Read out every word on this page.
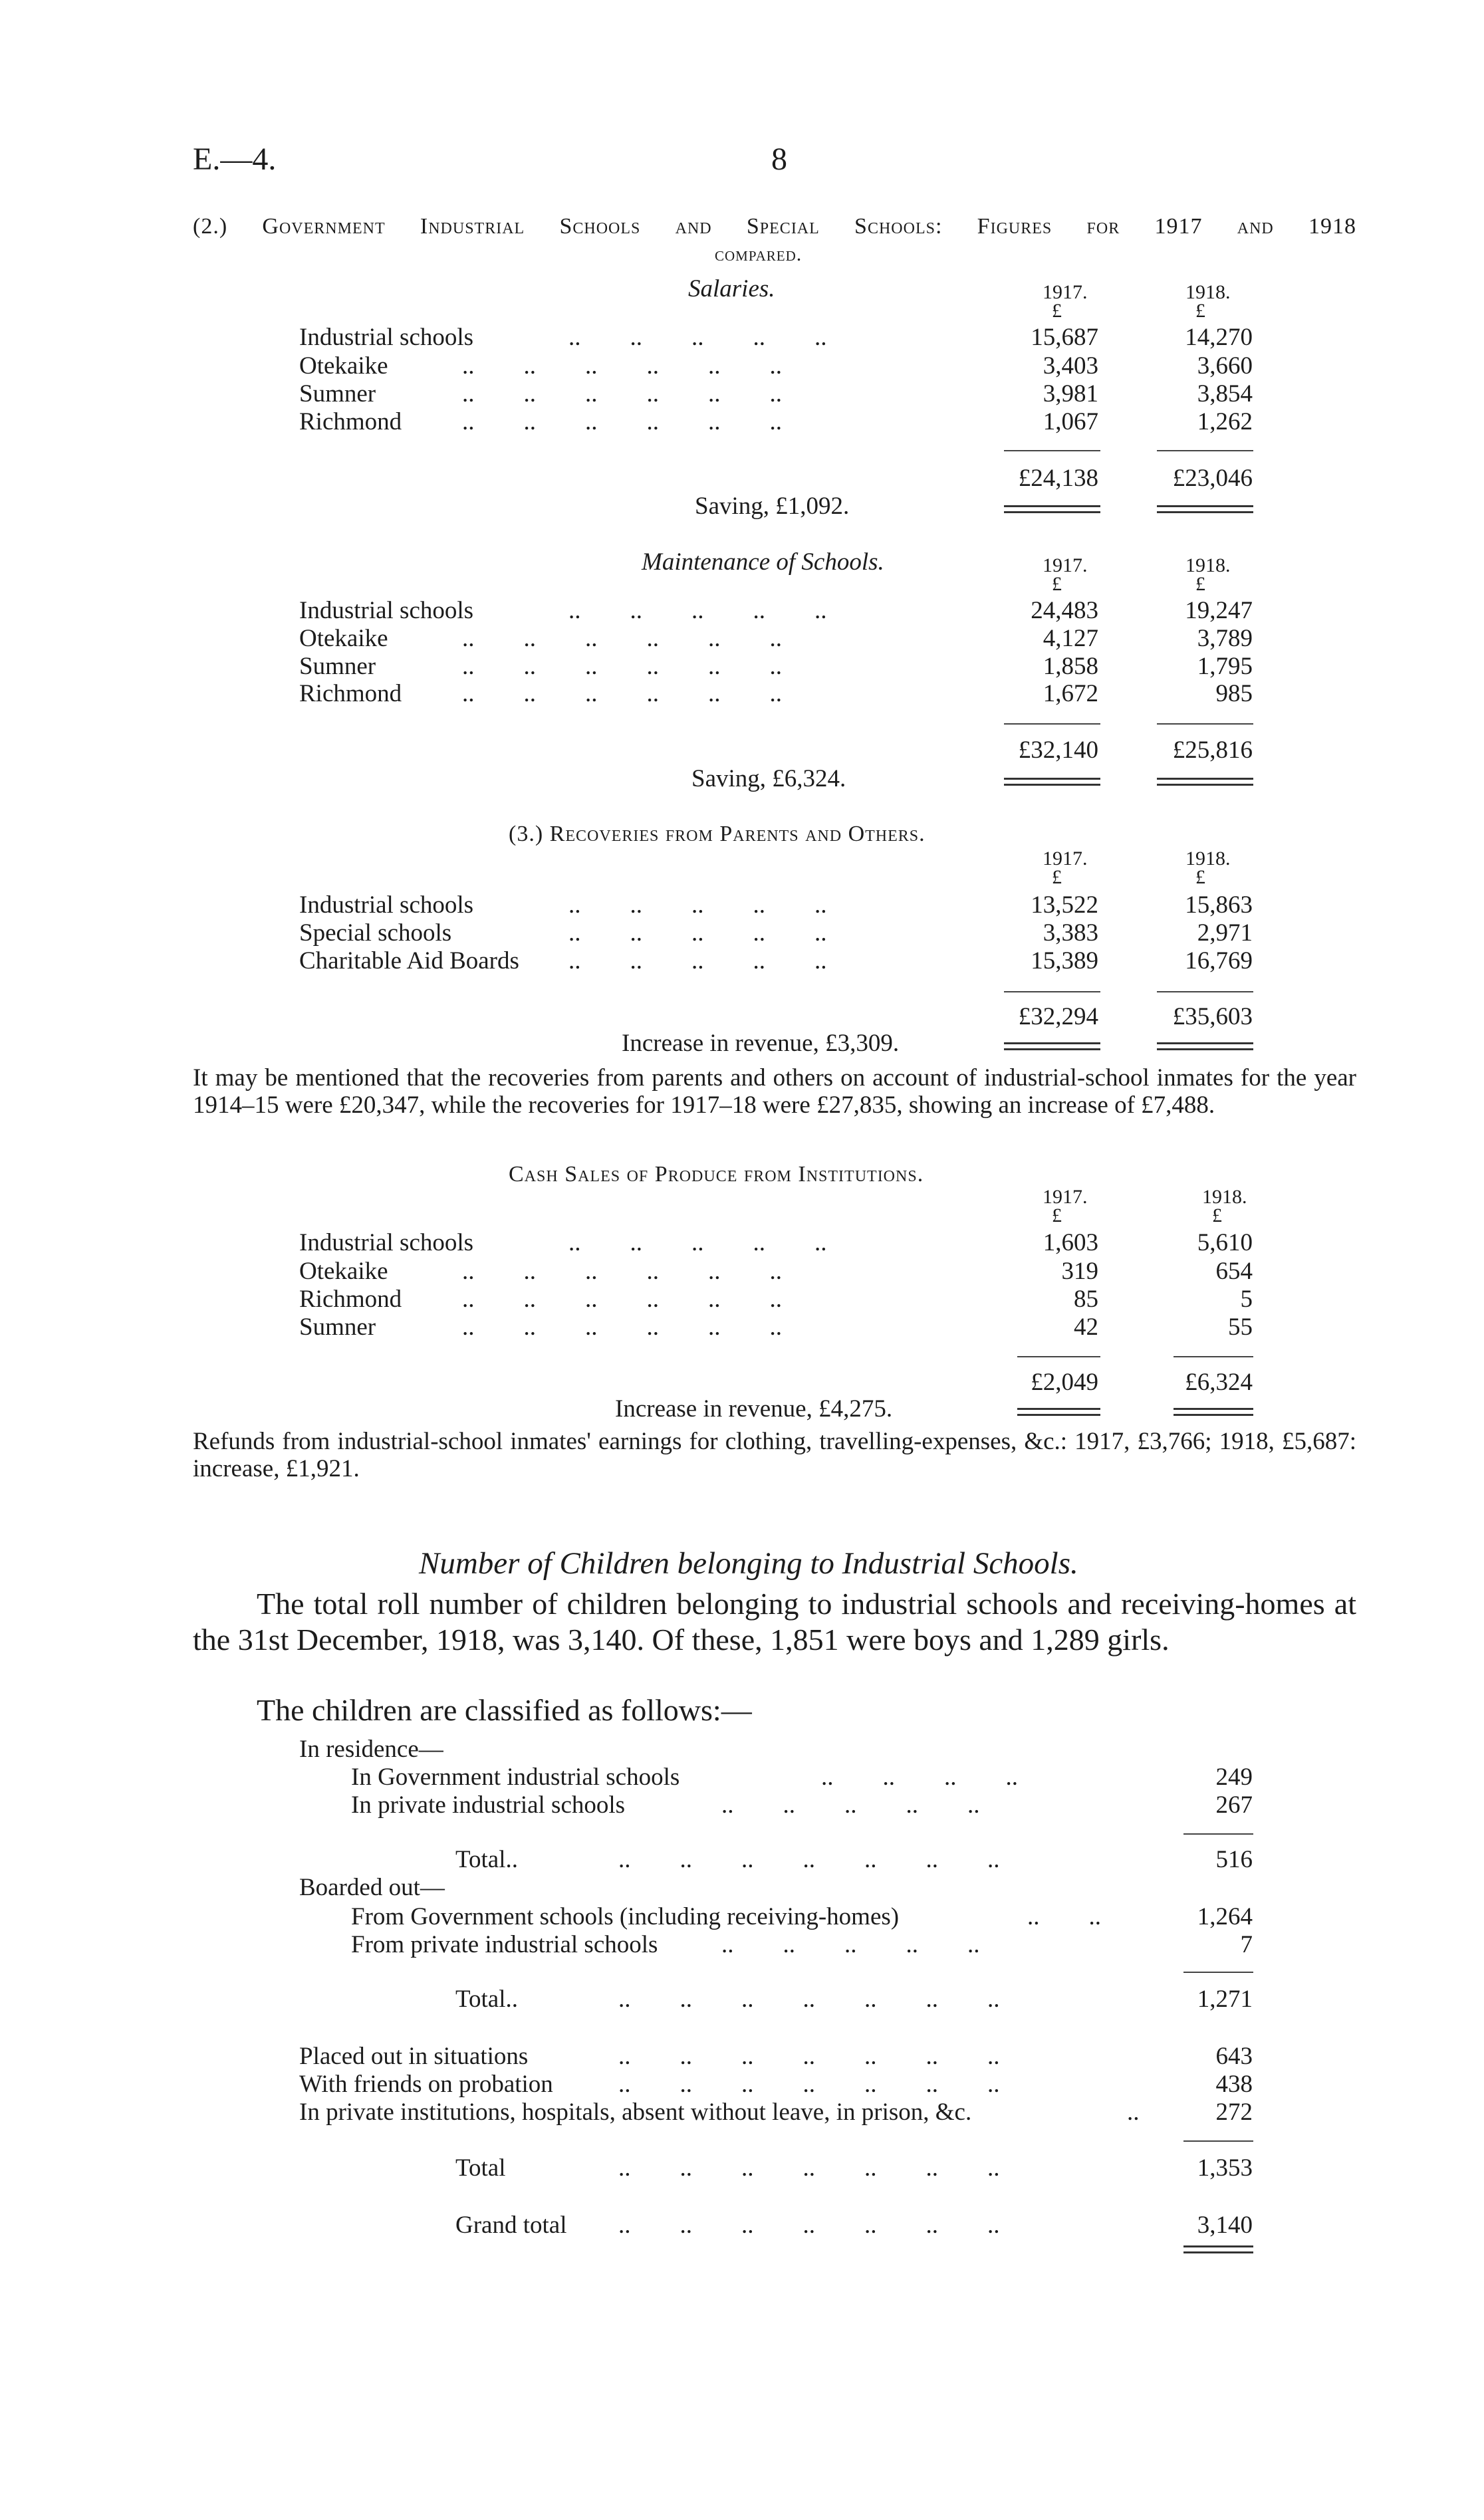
E.—4.	8
(2.) Government Industrial Schools and Special Schools: Figures for 1917 and 1918
compared.
Salaries.	1917.	1918.
£	£
Industrial schools	..        ..        ..        ..        ..	15,687	14,270
Otekaike	..        ..        ..        ..        ..        ..	3,403	3,660
Sumner	..        ..        ..        ..        ..        ..	3,981	3,854
Richmond ..        ..        ..        ..        ..        ..	1,067	1,262
£24,138	£23,046
Saving, £1,092.
Maintenance of Schools.	1917.	1918.
£	£
Industrial schools	..        ..        ..        ..        ..	24,483	19,247
Otekaike	..        ..        ..        ..        ..        ..	4,127	3,789
Sumner	..        ..        ..        ..        ..        ..	1,858	1,795
Richmond ..        ..        ..        ..        ..        ..	1,672	985
£32,140	£25,816
Saving, £6,324.
(3.) Recoveries from Parents and Others.
1917.	1918.
£	£
Industrial schools	..        ..        ..        ..        ..	13,522	15,863
Special schools	..        ..        ..        ..        ..	3,383	2,971
Charitable Aid Boards ..        ..        ..        ..        ..	15,389	16,769
£32,294	£35,603
Increase in revenue, £3,309.
It may be mentioned that the recoveries from parents and others on account of industrial-school inmates for the year 1914–15 were £20,347, while the recoveries for 1917–18 were £27,835, showing an increase of £7,488.
Cash Sales of Produce from Institutions.
1917.	1918.
£	£
Industrial schools	..        ..        ..        ..        ..	1,603	5,610
Otekaike	..        ..        ..        ..        ..        ..	319	654
Richmond ..        ..        ..        ..        ..        ..	85	5
Sumner	..        ..        ..        ..        ..        ..	42	55
£2,049	£6,324
Increase in revenue, £4,275.
Refunds from industrial-school inmates' earnings for clothing, travelling-expenses, &c.: 1917, £3,766; 1918, £5,687: increase, £1,921.
Number of Children belonging to Industrial Schools.
The total roll number of children belonging to industrial schools and receiving-homes at the 31st December, 1918, was 3,140. Of these, 1,851 were boys and 1,289 girls.
The children are classified as follows:—
In residence—
In Government industrial schools	..        ..        ..        ..	249
In private industrial schools	..        ..        ..        ..        ..	267
Total..	..        ..        ..        ..        ..        ..        ..	516
Boarded out—
From Government schools (including receiving-homes)	..        ..	1,264
From private industrial schools	..        ..        ..        ..        ..	7
Total..	..        ..        ..        ..        ..        ..        ..	1,271
Placed out in situations	..        ..        ..        ..        ..        ..        ..	643
With friends on probation	..        ..        ..        ..        ..        ..        ..	438
In private institutions, hospitals, absent without leave, in prison, &c.	..	272
Total	..        ..        ..        ..        ..        ..        ..	1,353
Grand total ..        ..        ..        ..        ..        ..        ..	3,140
